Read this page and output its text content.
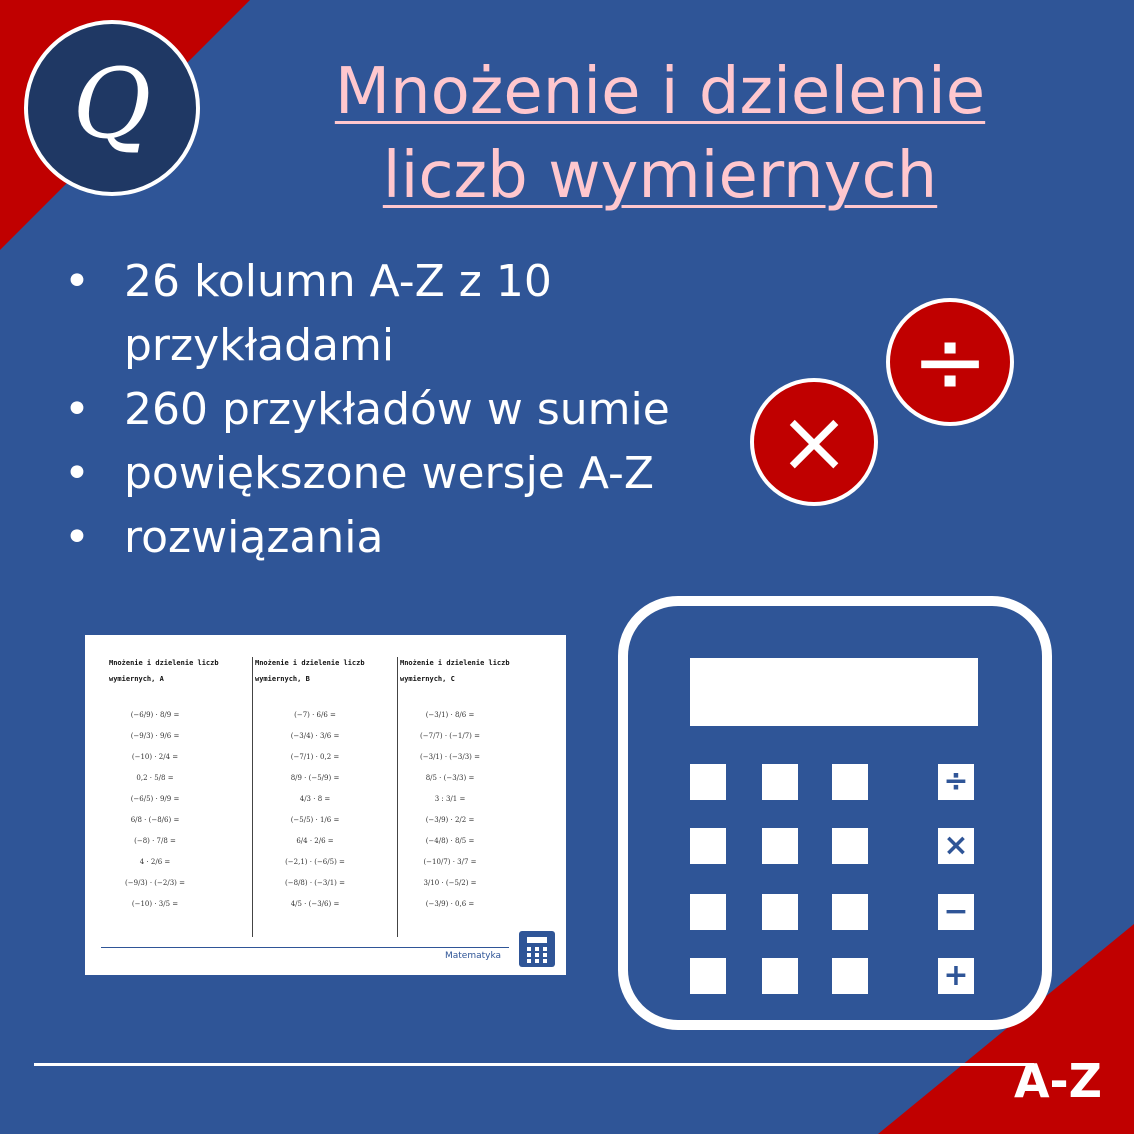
Q	Mnożenie i dzielenie
liczb wymiernych
• 26 kolumn A-Z z 10 przykładami
• 260 przykładów w sumie
• powiększone wersje A-Z
• rozwiązania
÷
×
Mnożenie i dzielenie liczb
wymiernych, A
(−6/9) · 8/9 =
(−9/3) · 9/6 =
(−10) · 2/4 =
0,2 · 5/8 =
(−6/5) · 9/9 =
6/8 · (−8/6) =
(−8) · 7/8 =
4 · 2/6 =
(−9/3) · (−2/3) =
(−10) · 3/5 =
Mnożenie i dzielenie liczb
wymiernych, B
(−7) · 6/6 =
(−3/4) · 3/6 =
(−7/1) · 0,2 =
8/9 · (−5/9) =
4/3 · 8 =
(−5/5) · 1/6 =
6/4 · 2/6 =
(−2,1) · (−6/5) =
(−8/8) · (−3/1) =
4/5 · (−3/6) =
Mnożenie i dzielenie liczb
wymiernych, C
(−3/1) · 8/6 =
(−7/7) · (−1/7) =
(−3/1) · (−3/3) =
8/5 · (−3/3) =
3 : 3/1 =
(−3/9) · 2/2 =
(−4/8) · 8/5 =
(−10/7) · 3/7 =
3/10 · (−5/2) =
(−3/9) · 0,6 =
Matematyka
÷
×
−
+
A-Z
